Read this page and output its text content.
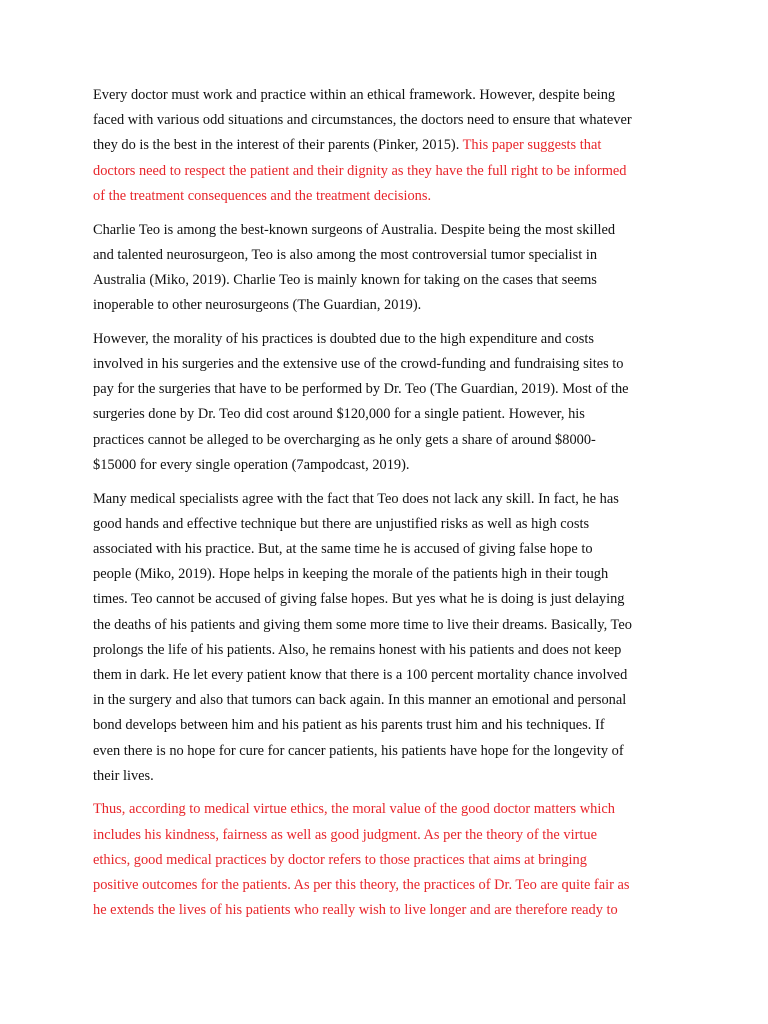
Every doctor must work and practice within an ethical framework. However, despite being
faced with various odd situations and circumstances, the doctors need to ensure that whatever
they do is the best in the interest of their parents (Pinker, 2015). This paper suggests that
doctors need to respect the patient and their dignity as they have the full right to be informed
of the treatment consequences and the treatment decisions.

Charlie Teo is among the best-known surgeons of Australia. Despite being the most skilled
and talented neurosurgeon, Teo is also among the most controversial tumor specialist in
Australia (Miko, 2019). Charlie Teo is mainly known for taking on the cases that seems
inoperable to other neurosurgeons (The Guardian, 2019).

However, the morality of his practices is doubted due to the high expenditure and costs
involved in his surgeries and the extensive use of the crowd-funding and fundraising sites to
pay for the surgeries that have to be performed by Dr. Teo (The Guardian, 2019). Most of the
surgeries done by Dr. Teo did cost around $120,000 for a single patient. However, his
practices cannot be alleged to be overcharging as he only gets a share of around $8000-
$15000 for every single operation (7ampodcast, 2019).

Many medical specialists agree with the fact that Teo does not lack any skill. In fact, he has
good hands and effective technique but there are unjustified risks as well as high costs
associated with his practice. But, at the same time he is accused of giving false hope to
people (Miko, 2019). Hope helps in keeping the morale of the patients high in their tough
times. Teo cannot be accused of giving false hopes. But yes what he is doing is just delaying
the deaths of his patients and giving them some more time to live their dreams. Basically, Teo
prolongs the life of his patients. Also, he remains honest with his patients and does not keep
them in dark. He let every patient know that there is a 100 percent mortality chance involved
in the surgery and also that tumors can back again. In this manner an emotional and personal
bond develops between him and his patient as his parents trust him and his techniques. If
even there is no hope for cure for cancer patients, his patients have hope for the longevity of
their lives.

Thus, according to medical virtue ethics, the moral value of the good doctor matters which
includes his kindness, fairness as well as good judgment. As per the theory of the virtue
ethics, good medical practices by doctor refers to those practices that aims at bringing
positive outcomes for the patients. As per this theory, the practices of Dr. Teo are quite fair as
he extends the lives of his patients who really wish to live longer and are therefore ready to
